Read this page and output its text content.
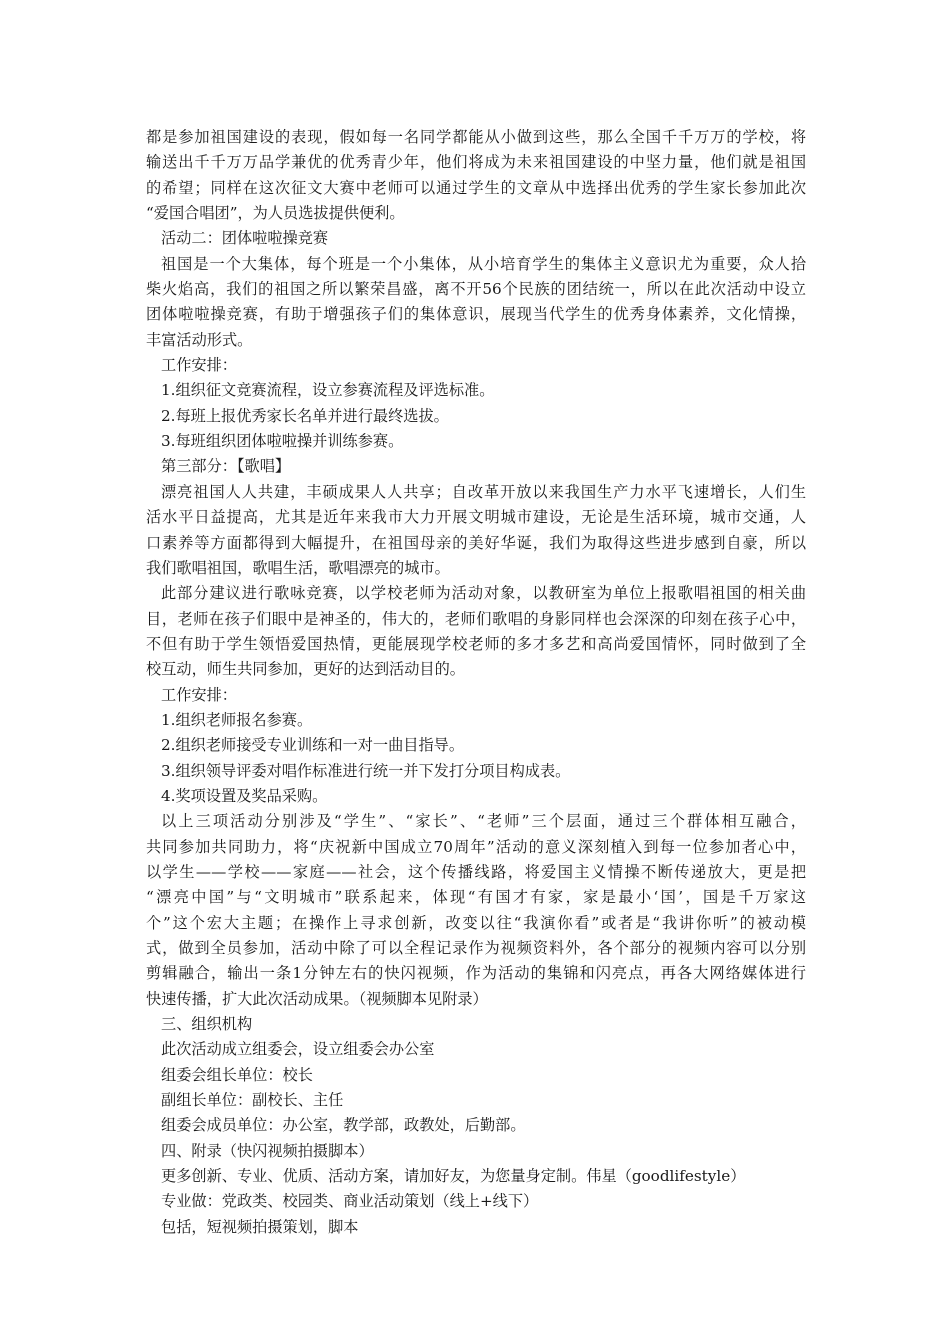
都是参加祖国建设的表现，假如每一名同学都能从小做到这些，那么全国千千万万的学校，将
输送出千千万万品学兼优的优秀青少年，他们将成为未来祖国建设的中坚力量，他们就是祖国
的希望；同样在这次征文大赛中老师可以通过学生的文章从中选择出优秀的学生家长参加此次
“爱国合唱团”，为人员选拔提供便利。
活动二：团体啦啦操竞赛
祖国是一个大集体，每个班是一个小集体，从小培育学生的集体主义意识尤为重要，众人拾
柴火焰高，我们的祖国之所以繁荣昌盛，离不开56个民族的团结统一，所以在此次活动中设立
团体啦啦操竞赛，有助于增强孩子们的集体意识，展现当代学生的优秀身体素养，文化情操，
丰富活动形式。
工作安排：
1.组织征文竞赛流程，设立参赛流程及评选标准。
2.每班上报优秀家长名单并进行最终选拔。
3.每班组织团体啦啦操并训练参赛。
第三部分：【歌唱】
漂亮祖国人人共建，丰硕成果人人共享；自改革开放以来我国生产力水平飞速增长，人们生
活水平日益提高，尤其是近年来我市大力开展文明城市建设，无论是生活环境，城市交通，人
口素养等方面都得到大幅提升，在祖国母亲的美好华诞，我们为取得这些进步感到自豪，所以
我们歌唱祖国，歌唱生活，歌唱漂亮的城市。
此部分建议进行歌咏竞赛，以学校老师为活动对象，以教研室为单位上报歌唱祖国的相关曲
目，老师在孩子们眼中是神圣的，伟大的，老师们歌唱的身影同样也会深深的印刻在孩子心中，
不但有助于学生领悟爱国热情，更能展现学校老师的多才多艺和高尚爱国情怀，同时做到了全
校互动，师生共同参加，更好的达到活动目的。
工作安排：
1.组织老师报名参赛。
2.组织老师接受专业训练和一对一曲目指导。
3.组织领导评委对唱作标准进行统一并下发打分项目构成表。
4.奖项设置及奖品采购。
以上三项活动分别涉及“学生”、“家长”、“老师”三个层面，通过三个群体相互融合，
共同参加共同助力，将“庆祝新中国成立70周年”活动的意义深刻植入到每一位参加者心中，
以学生——学校——家庭——社会，这个传播线路，将爱国主义情操不断传递放大，更是把
“漂亮中国”与“文明城市”联系起来，体现“有国才有家，家是最小‘国’，国是千万家这
个”这个宏大主题；在操作上寻求创新，改变以往“我演你看”或者是“我讲你听”的被动模
式，做到全员参加，活动中除了可以全程记录作为视频资料外，各个部分的视频内容可以分别
剪辑融合，输出一条1分钟左右的快闪视频，作为活动的集锦和闪亮点，再各大网络媒体进行
快速传播，扩大此次活动成果。（视频脚本见附录）
三、组织机构
此次活动成立组委会，设立组委会办公室
组委会组长单位：校长
副组长单位：副校长、主任
组委会成员单位：办公室，教学部，政教处，后勤部。
四、附录（快闪视频拍摄脚本）
更多创新、专业、优质、活动方案，请加好友，为您量身定制。伟星（goodlifestyle）
专业做：党政类、校园类、商业活动策划（线上+线下）
包括，短视频拍摄策划，脚本
